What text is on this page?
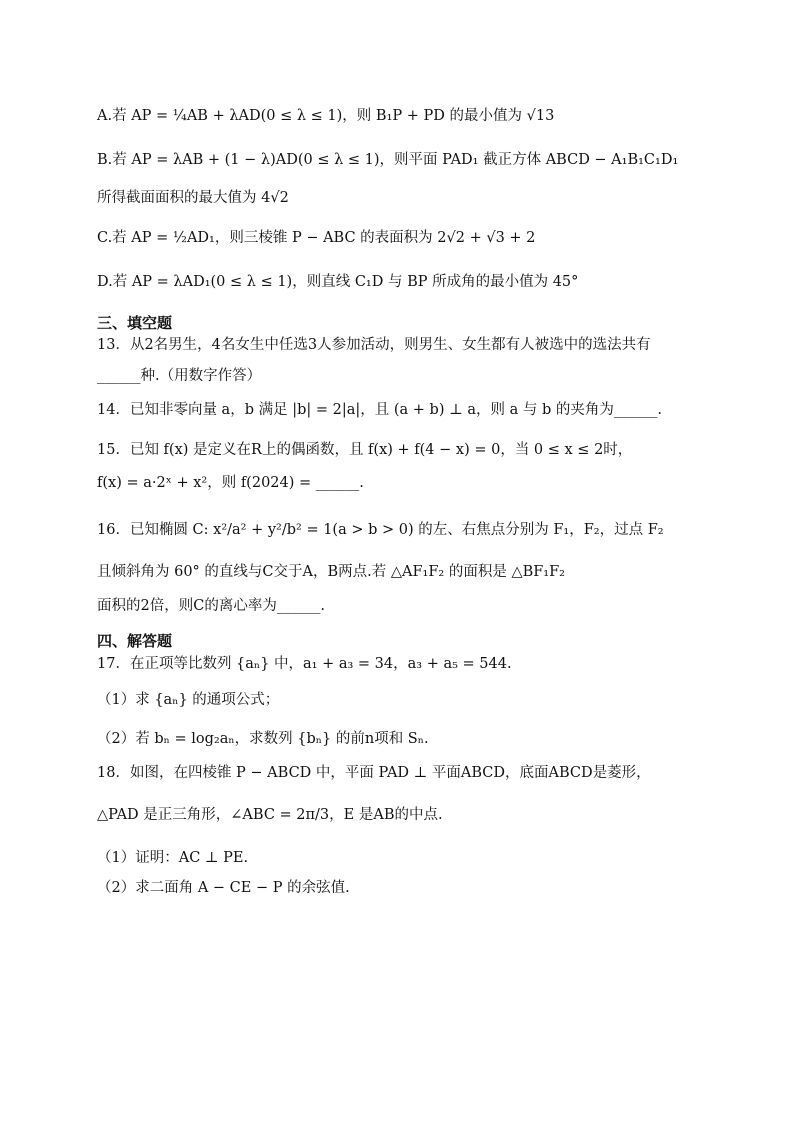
A.若 AP = ¼AB + λAD(0 ≤ λ ≤ 1)，则 B₁P + PD 的最小值为 √13
B.若 AP = λAB + (1 − λ)AD(0 ≤ λ ≤ 1)，则平面 PAD₁ 截正方体 ABCD − A₁B₁C₁D₁
所得截面面积的最大值为 4√2
C.若 AP = ½AD₁，则三棱锥 P − ABC 的表面积为 2√2 + √3 + 2
D.若 AP = λAD₁(0 ≤ λ ≤ 1)，则直线 C₁D 与 BP 所成角的最小值为 45°
三、填空题
13．从2名男生，4名女生中任选3人参加活动，则男生、女生都有人被选中的选法共有
______种.（用数字作答）
14．已知非零向量 a，b 满足 |b| = 2|a|，且 (a + b) ⊥ a，则 a 与 b 的夹角为______.
15．已知 f(x) 是定义在R上的偶函数，且 f(x) + f(4 − x) = 0，当 0 ≤ x ≤ 2时，
f(x) = a·2ˣ + x²，则 f(2024) = ______.
16．已知椭圆 C: x²/a² + y²/b² = 1(a > b > 0) 的左、右焦点分别为 F₁，F₂，过点 F₂
且倾斜角为 60° 的直线与C交于A，B两点.若 △AF₁F₂ 的面积是 △BF₁F₂
面积的2倍，则C的离心率为______.
四、解答题
17．在正项等比数列 {aₙ} 中，a₁ + a₃ = 34，a₃ + a₅ = 544.
（1）求 {aₙ} 的通项公式；
（2）若 bₙ = log₂aₙ，求数列 {bₙ} 的前n项和 Sₙ.
18．如图，在四棱锥 P − ABCD 中，平面 PAD ⊥ 平面ABCD，底面ABCD是菱形，
△PAD 是正三角形，∠ABC = 2π/3，E 是AB的中点.
（1）证明：AC ⊥ PE.
（2）求二面角 A − CE − P 的余弦值.
